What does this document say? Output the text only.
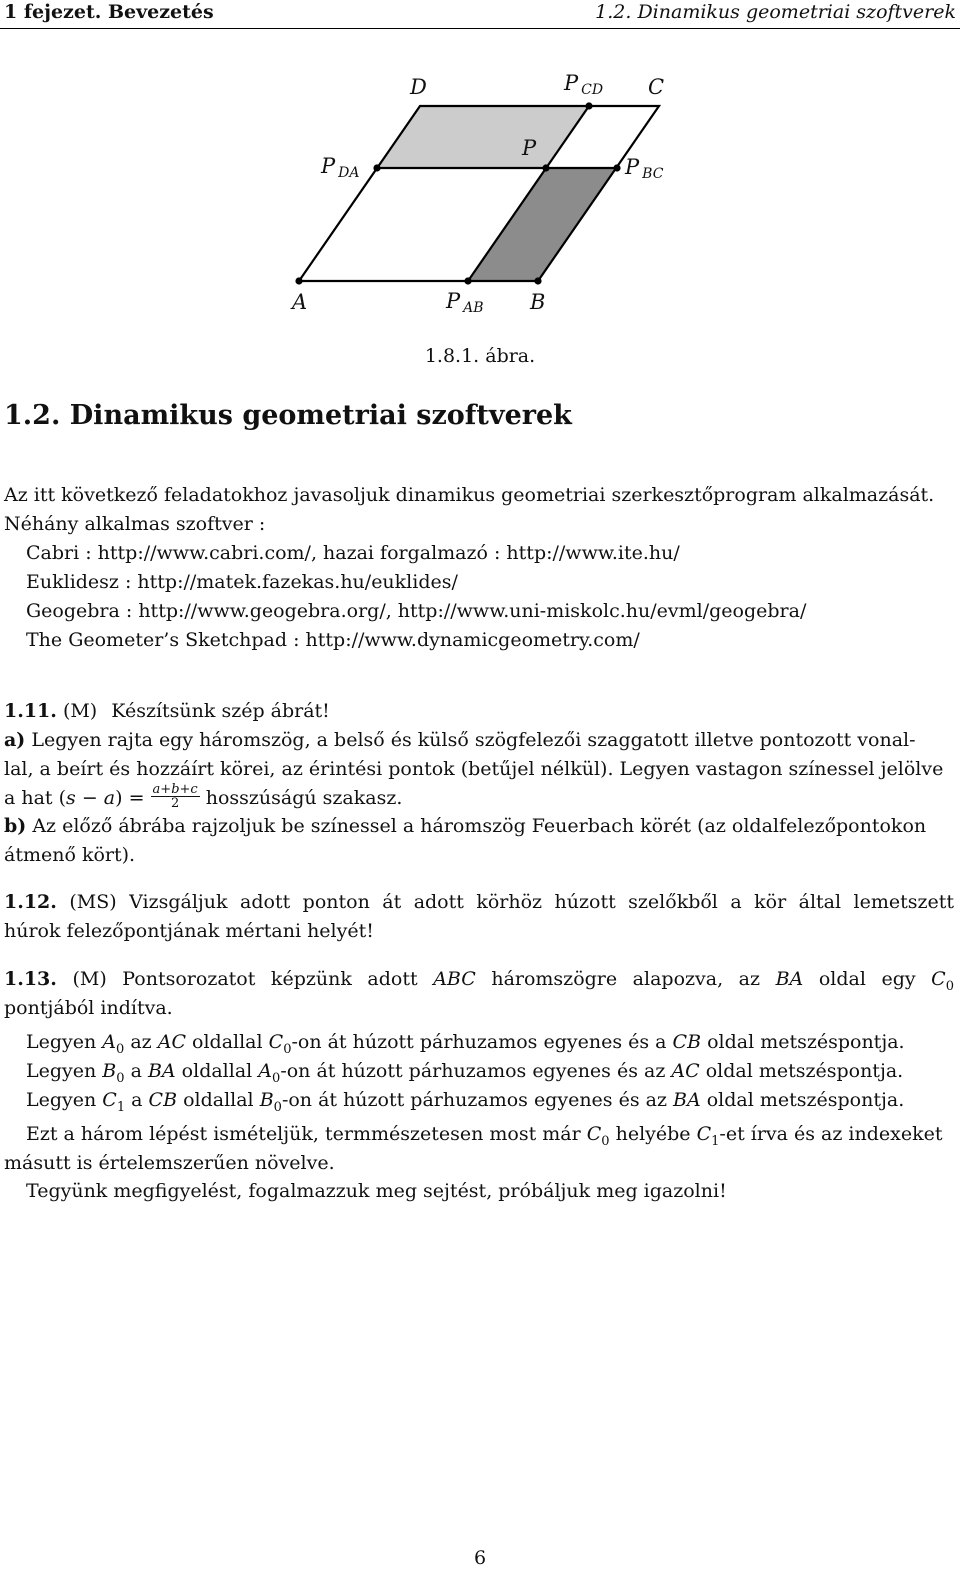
1 fejezet. Bevezetés	1.2. Dinamikus geometriai szoftverek
D	PCD C
PDA
P
PBC
A	PAB B
1.8.1. ábra.
1.2. Dinamikus geometriai szoftverek
Az itt következő feladatokhoz javasoljuk dinamikus geometriai szerkesztőprogram alkalmazását.
Néhány alkalmas szoftver :
Cabri : http://www.cabri.com/, hazai forgalmazó : http://www.ite.hu/
Euklidesz : http://matek.fazekas.hu/euklides/
Geogebra : http://www.geogebra.org/, http://www.uni-miskolc.hu/evml/geogebra/
The Geometer’s Sketchpad : http://www.dynamicgeometry.com/
1.11. (M) Készítsünk szép ábrát!
a) Legyen rajta egy háromszög, a belső és külső szögfelezői szaggatott illetve pontozott vonal-
lal, a beírt és hozzáírt körei, az érintési pontok (betűjel nélkül). Legyen vastagon színessel jelölve
a hat $(s - a) = \frac{a+b+c}{2}$ hosszúságú szakasz.
b) Az előző ábrába rajzoljuk be színessel a háromszög Feuerbach körét (az oldalfelezőpontokon
átmenő kört).
1.12. (MS) Vizsgáljuk adott ponton át adott körhöz húzott szelőkből a kör által lemetszett
húrok felezőpontjának mértani helyét!
1.13. (M) Pontsorozatot képzünk adott ABC háromszögre alapozva, az BA oldal egy $C_0$
pontjából indítva.
Legyen $A_0$ az AC oldallal $C_0-on$ át húzott párhuzamos egyenes és a CB oldal metszéspontja.
Legyen $B_0$ a BA oldallal $A_0-on$ át húzott párhuzamos egyenes és az AC oldal metszéspontja.
Legyen $C_1$ a CB oldallal $B_0-on$ át húzott párhuzamos egyenes és az BA oldal metszéspontja.
Ezt a három lépést ismételjük, termmészetesen most már $C_0$ helyébe $C_1-et$ írva és az indexeket
másutt is értelemszerűen növelve.
Tegyünk megfigyelést, fogalmazzuk meg sejtést, próbáljuk meg igazolni!
6
